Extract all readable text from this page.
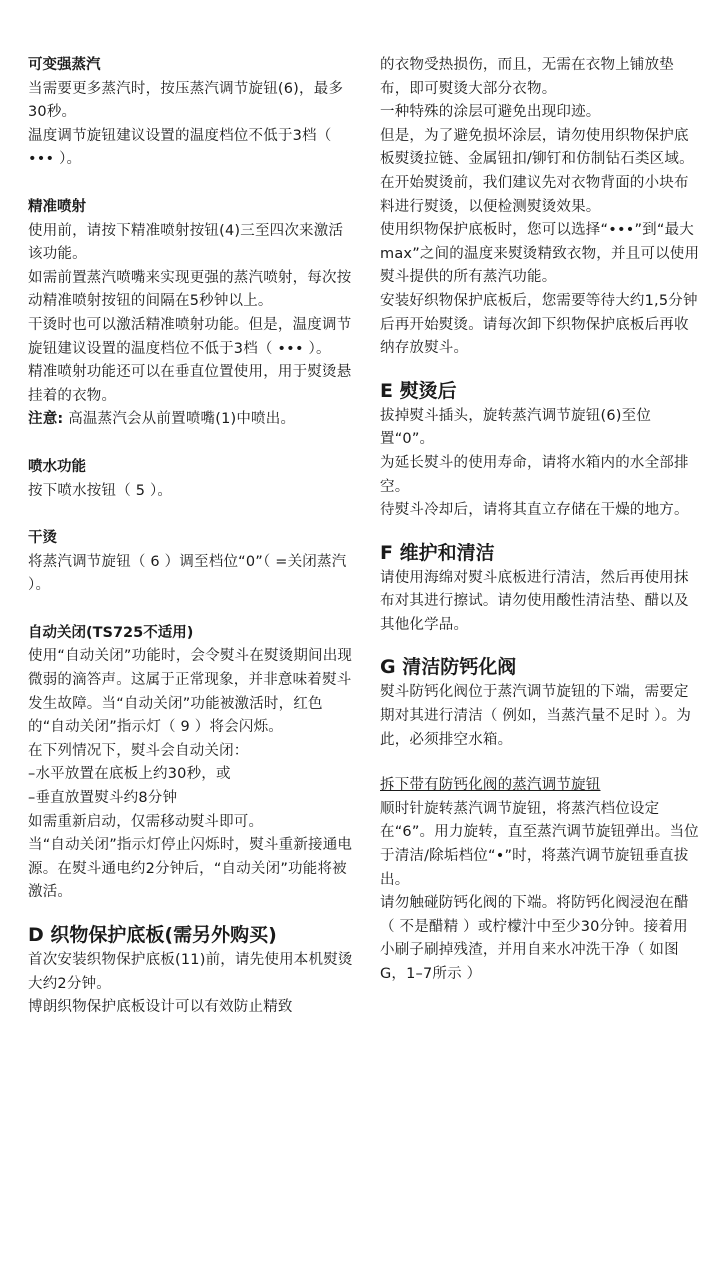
可变强蒸汽

当需要更多蒸汽时，按压蒸汽调节旋钮(6)，最多30秒。

温度调节旋钮建议设置的温度档位不低于3档（ ••• ）。

精准喷射

使用前，请按下精准喷射按钮(4)三至四次来激活该功能。

如需前置蒸汽喷嘴来实现更强的蒸汽喷射，每次按动精准喷射按钮的间隔在5秒钟以上。

干烫时也可以激活精准喷射功能。但是，温度调节旋钮建议设置的温度档位不低于3档（ ••• ）。

精准喷射功能还可以在垂直位置使用，用于熨烫悬挂着的衣物。

注意: 高温蒸汽会从前置喷嘴(1)中喷出。

喷水功能

按下喷水按钮（ 5 ）。

干烫

将蒸汽调节旋钮（ 6 ）调至档位“0”（ =关闭蒸汽 ）。

自动关闭(TS725不适用)

使用“自动关闭”功能时，会令熨斗在熨烫期间出现微弱的滴答声。这属于正常现象，并非意味着熨斗发生故障。当“自动关闭”功能被激活时，红色的“自动关闭”指示灯（ 9 ）将会闪烁。

在下列情况下，熨斗会自动关闭：

–水平放置在底板上约30秒，或

–垂直放置熨斗约8分钟

如需重新启动，仅需移动熨斗即可。

当“自动关闭”指示灯停止闪烁时，熨斗重新接通电源。在熨斗通电约2分钟后，“自动关闭”功能将被激活。

D 织物保护底板(需另外购买)

首次安装织物保护底板(11)前，请先使用本机熨烫大约2分钟。

博朗织物保护底板设计可以有效防止精致

的衣物受热损伤，而且，无需在衣物上铺放垫布，即可熨烫大部分衣物。

一种特殊的涂层可避免出现印迹。

但是，为了避免损坏涂层，请勿使用织物保护底板熨烫拉链、金属钮扣/铆钉和仿制钻石类区域。

在开始熨烫前，我们建议先对衣物背面的小块布料进行熨烫，以便检测熨烫效果。

使用织物保护底板时，您可以选择“•••”到“最大max”之间的温度来熨烫精致衣物，并且可以使用熨斗提供的所有蒸汽功能。

安装好织物保护底板后，您需要等待大约1,5分钟后再开始熨烫。请每次卸下织物保护底板后再收纳存放熨斗。

E 熨烫后

拔掉熨斗插头，旋转蒸汽调节旋钮(6)至位置“0”。

为延长熨斗的使用寿命，请将水箱内的水全部排空。

待熨斗冷却后，请将其直立存储在干燥的地方。

F 维护和清洁

请使用海绵对熨斗底板进行清洁，然后再使用抹布对其进行擦试。请勿使用酸性清洁垫、醋以及其他化学品。

G 清洁防钙化阀

熨斗防钙化阀位于蒸汽调节旋钮的下端，需要定期对其进行清洁（ 例如，当蒸汽量不足时 ）。为此，必须排空水箱。

拆下带有防钙化阀的蒸汽调节旋钮

顺时针旋转蒸汽调节旋钮，将蒸汽档位设定在“6”。用力旋转，直至蒸汽调节旋钮弹出。当位于清洁/除垢档位“•”时，将蒸汽调节旋钮垂直拔出。

请勿触碰防钙化阀的下端。将防钙化阀浸泡在醋（ 不是醋精 ）或柠檬汁中至少30分钟。接着用小刷子刷掉残渣，并用自来水冲洗干净（ 如图G，1–7所示 ）
